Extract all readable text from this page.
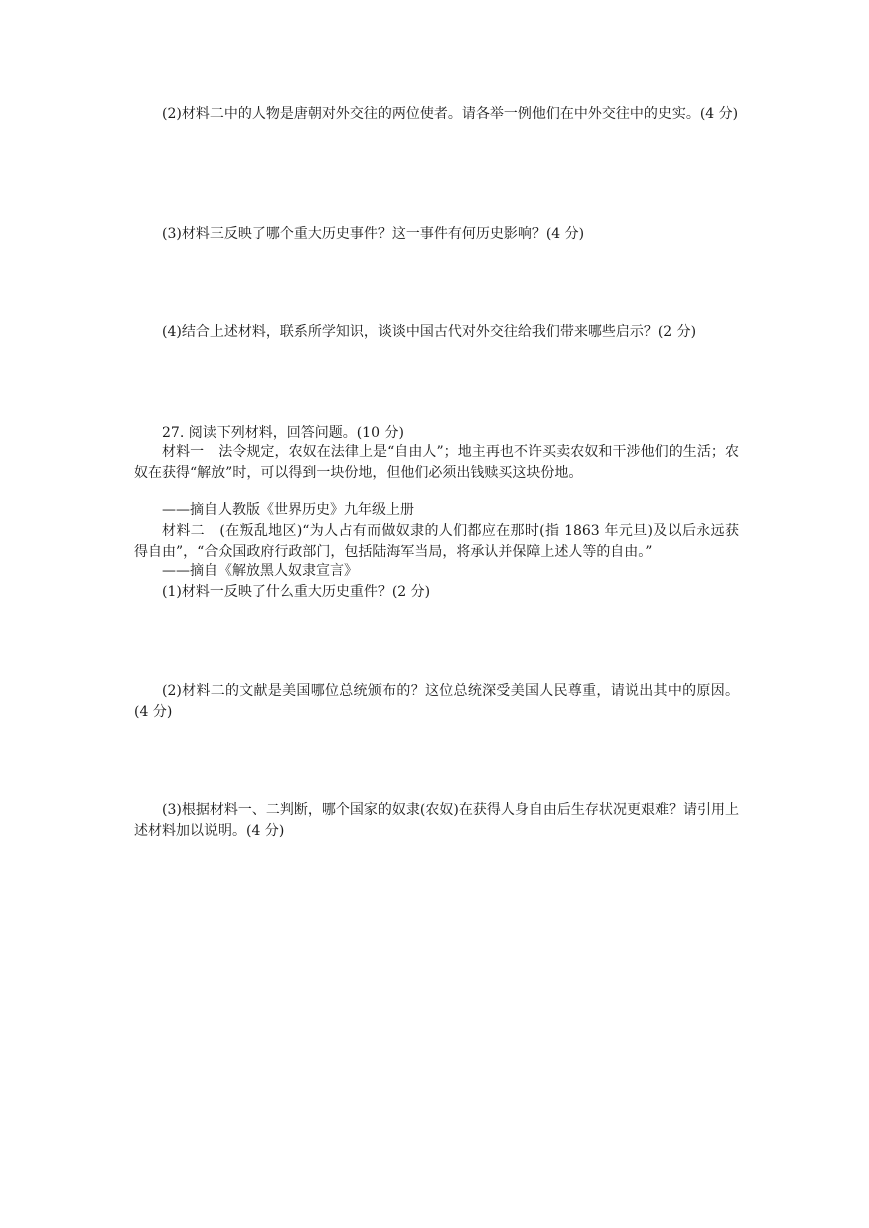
(2)材料二中的人物是唐朝对外交往的两位使者。请各举一例他们在中外交往中的史实。(4 分)
(3)材料三反映了哪个重大历史事件？这一事件有何历史影响？(4 分)
(4)结合上述材料，联系所学知识，谈谈中国古代对外交往给我们带来哪些启示？(2 分)
27. 阅读下列材料，回答问题。(10 分)
材料一　法令规定，农奴在法律上是“自由人”；地主再也不许买卖农奴和干涉他们的生活；农奴在获得“解放”时，可以得到一块份地，但他们必须出钱赎买这块份地。
——摘自人教版《世界历史》九年级上册
材料二　(在叛乱地区)“为人占有而做奴隶的人们都应在那时(指 1863 年元旦)及以后永远获得自由”，“合众国政府行政部门，包括陆海军当局，将承认并保障上述人等的自由。”
——摘自《解放黑人奴隶宣言》
(1)材料一反映了什么重大历史重件？(2 分)
(2)材料二的文献是美国哪位总统颁布的？这位总统深受美国人民尊重，请说出其中的原因。(4 分)
(3)根据材料一、二判断，哪个国家的奴隶(农奴)在获得人身自由后生存状况更艰难？请引用上述材料加以说明。(4 分)
